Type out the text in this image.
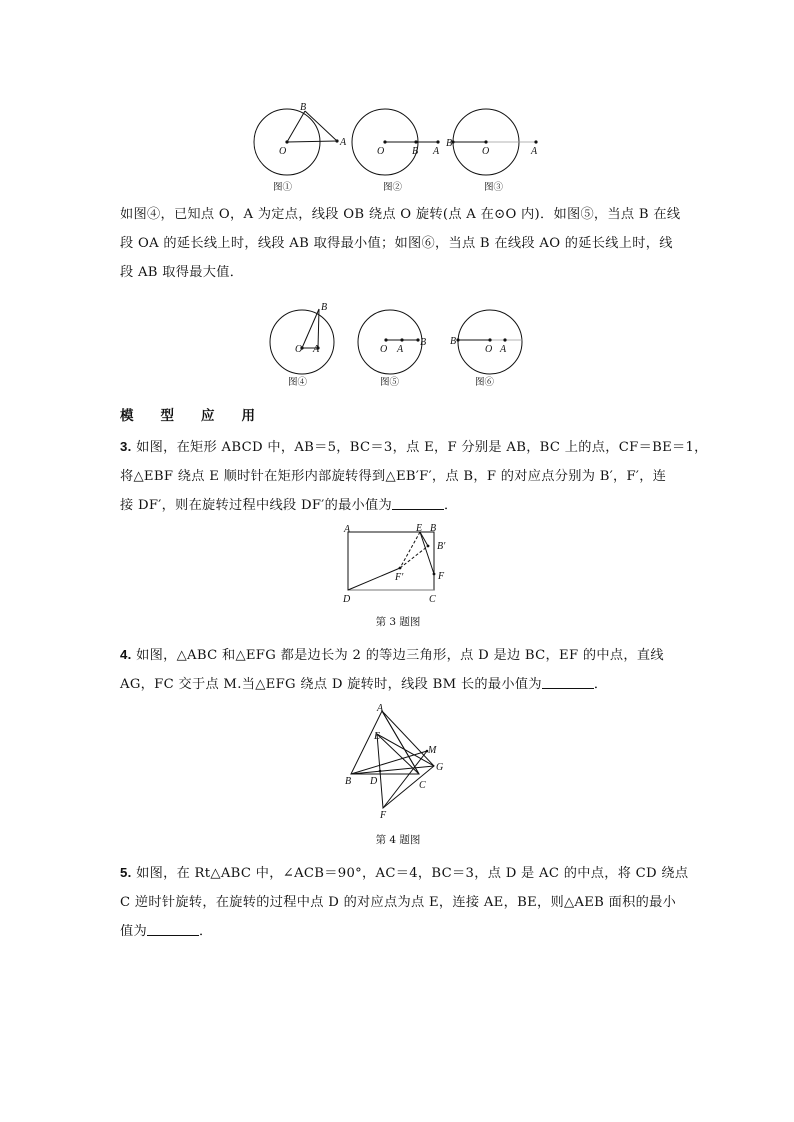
B
O
A
图①
O	B A
图②
B
O	A
图③

如图④，已知点 O，A 为定点，线段 OB 绕点 O 旋转(点 A 在⊙O 内)．如图⑤，当点 B 在线

段 OA 的延长线上时，线段 AB 取得最小值；如图⑥，当点 B 在线段 AO 的延长线上时，线

段 AB 取得最大值．

B
O A
图④
O A
B
图⑤
B
O A
图⑥
模　　型　　应　　用

3. 如图，在矩形 ABCD 中，AB＝5，BC＝3，点 E，F 分别是 AB，BC 上的点，CF＝BE＝1，

将△EBF 绕点 E 顺时针在矩形内部旋转得到△EB′F′，点 B，F 的对应点分别为 B′，F′，连

接 DF′，则在旋转过程中线段 DF′的最小值为	．

A	E B
B′
F′	F
D	C
第 3 题图

4. 如图，△ABC 和△EFG 都是边长为 2 的等边三角形，点 D 是边 BC，EF 的中点，直线

AG，FC 交于点 M.当△EFG 绕点 D 旋转时，线段 BM 长的最小值为	．

A
E
M
G
B D	C
F
第 4 题图

5. 如图，在 Rt△ABC 中，∠ACB＝90°，AC＝4，BC＝3，点 D 是 AC 的中点，将 CD 绕点

C 逆时针旋转，在旋转的过程中点 D 的对应点为点 E，连接 AE，BE，则△AEB 面积的最小

值为	．
